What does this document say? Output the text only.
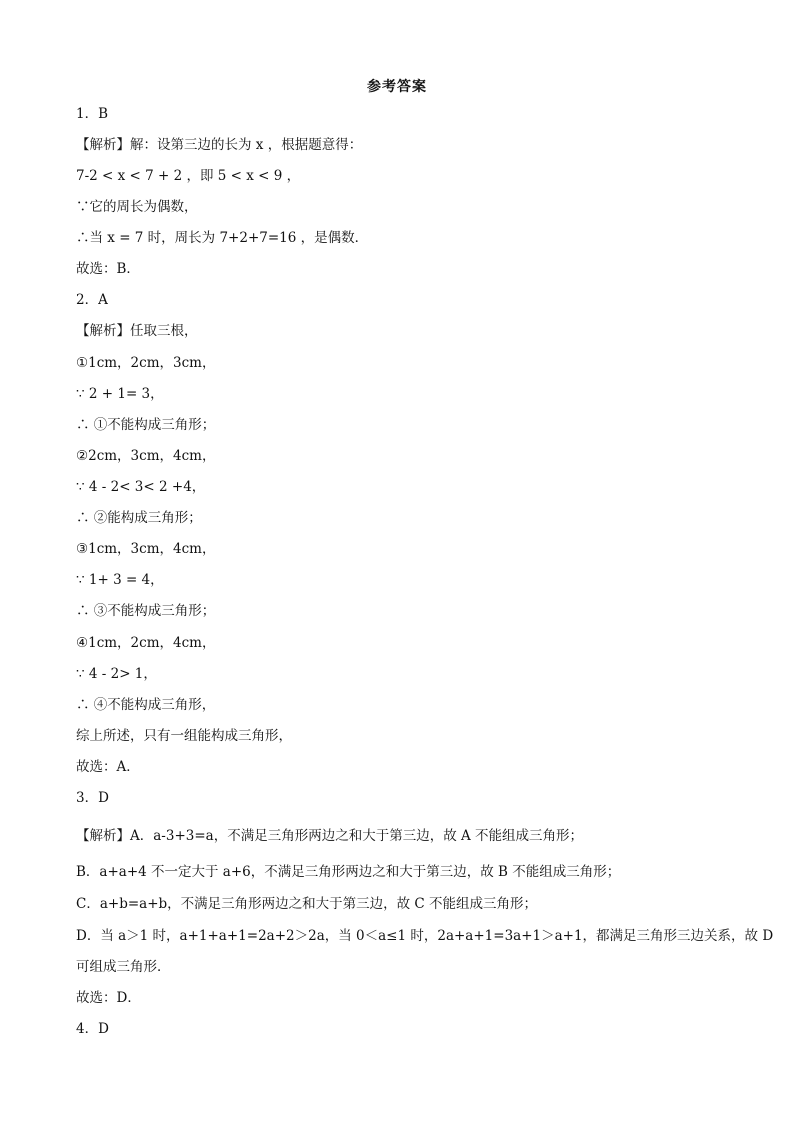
参考答案
1．B
【解析】解：设第三边的长为 x ，根据题意得：
7-2 < x < 7 + 2 ，即 5 < x < 9 ，
∵它的周长为偶数，
∴当 x = 7 时，周长为 7+2+7=16 ，是偶数．
故选：B．
2．A
【解析】任取三根，
①1cm，2cm，3cm，
∵ 2 + 1= 3，
∴ ①不能构成三角形；
②2cm，3cm，4cm，
∵ 4 - 2< 3< 2 +4，
∴ ②能构成三角形；
③1cm，3cm，4cm，
∵ 1+ 3 = 4，
∴ ③不能构成三角形；
④1cm，2cm，4cm，
∵ 4 - 2> 1，
∴ ④不能构成三角形，
综上所述，只有一组能构成三角形，
故选：A．
3．D
【解析】A．a-3+3=a，不满足三角形两边之和大于第三边，故 A 不能组成三角形；
B．a+a+4 不一定大于 a+6，不满足三角形两边之和大于第三边，故 B 不能组成三角形；
C．a+b=a+b，不满足三角形两边之和大于第三边，故 C 不能组成三角形；
D．当 a＞1 时，a+1+a+1=2a+2＞2a，当 0＜a≤1 时，2a+a+1=3a+1＞a+1，都满足三角形三边关系，故 D
可组成三角形．
故选：D．
4．D
